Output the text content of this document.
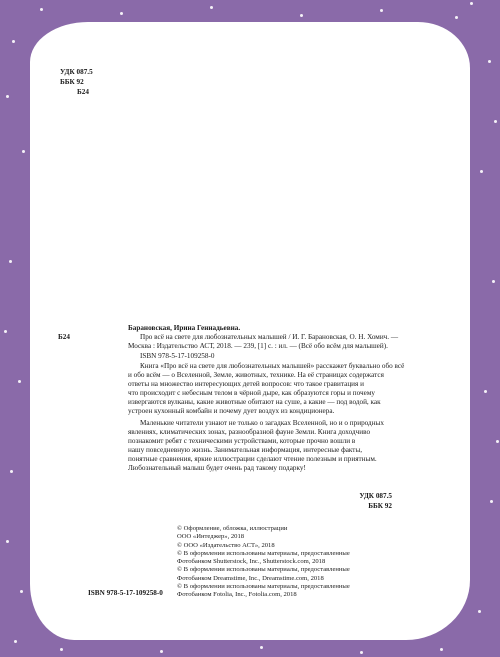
УДК 087.5
ББК 92
Б24
Барановская, Ирина Геннадьевна.
Б24	Про всё на свете для любознательных малышей / И. Г. Барановская, О. Н. Хомич. —
Москва : Издательство АСТ, 2018. — 239, [1] с. : ил. — (Всё обо всём для малышей).
ISBN 978-5-17-109258-0
Книга «Про всё на свете для любознательных малышей» расскажет буквально обо всё
и обо всём — о Вселенной, Земле, животных, технике. На её страницах содержатся
ответы на множество интересующих детей вопросов: что такое гравитация и
что происходит с небесным телом в чёрной дыре, как образуются горы и почему
извергаются вулканы, какие животные обитают на суше, а какие — под водой, как
устроен кухонный комбайн и почему дует воздух из кондиционера.
Маленькие читатели узнают не только о загадках Вселенной, но и о природных
явлениях, климатических зонах, разнообразной фауне Земли. Книга доходчиво
познакомит ребят с техническими устройствами, которые прочно вошли в
нашу повседневную жизнь. Занимательная информация, интересные факты,
понятные сравнения, яркие иллюстрации сделают чтение полезным и приятным.
Любознательный малыш будет очень рад такому подарку!
УДК 087.5
ББК 92
© Оформление, обложка, иллюстрации
ООО «Интеджер», 2018
© ООО «Издательство АСТ», 2018
© В оформлении использованы материалы, предоставленные
Фотобанком Shutterstock, Inc., Shutterstock.com, 2018
© В оформлении использованы материалы, предоставленные
Фотобанком Dreamstime, Inc., Dreamstime.com, 2018
© В оформлении использованы материалы, предоставленные
Фотобанком Fotolia, Inc., Fotolia.com, 2018
ISBN 978-5-17-109258-0
